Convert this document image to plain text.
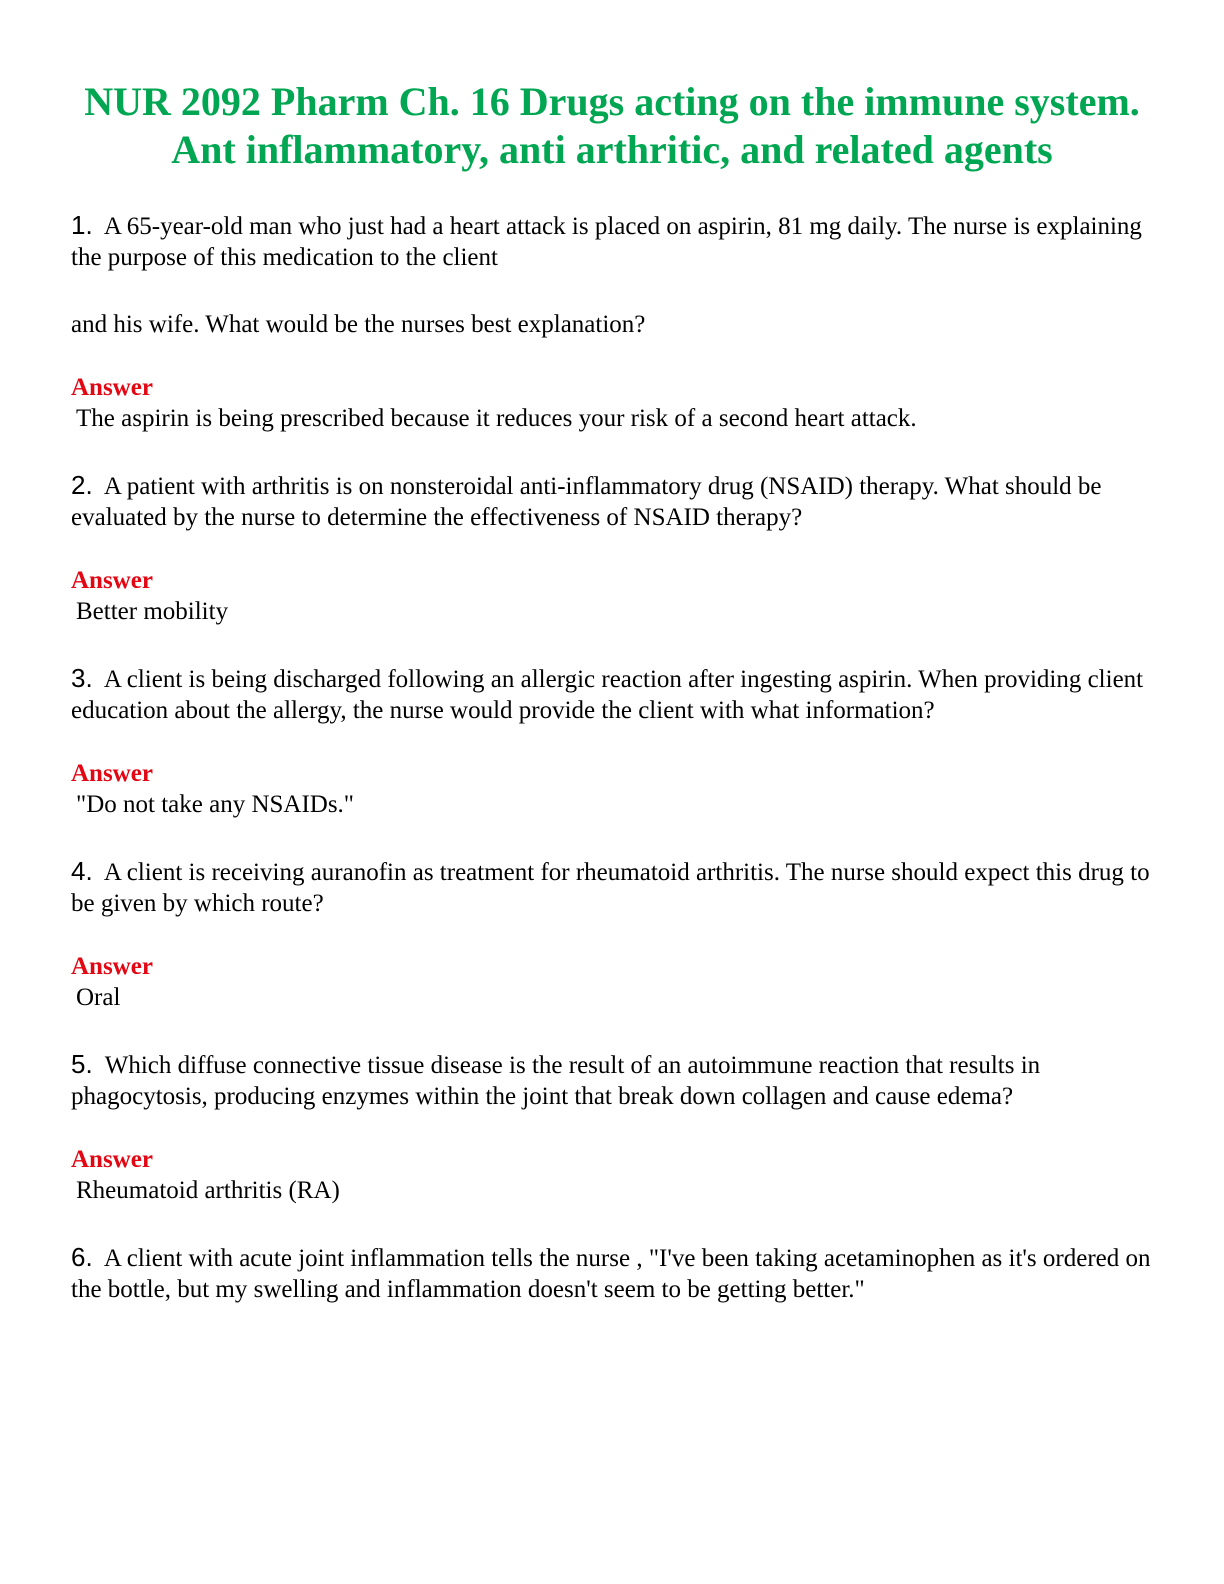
NUR 2092 Pharm Ch. 16 Drugs acting on the immune system. Ant inflammatory, anti arthritic, and related agents

1. A 65-year-old man who just had a heart attack is placed on aspirin, 81 mg daily. The nurse is explaining the purpose of this medication to the client

and his wife. What would be the nurses best explanation?

Answer

The aspirin is being prescribed because it reduces your risk of a second heart attack.

2. A patient with arthritis is on nonsteroidal anti-inflammatory drug (NSAID) therapy. What should be evaluated by the nurse to determine the effectiveness of NSAID therapy?

Answer

Better mobility

3. A client is being discharged following an allergic reaction after ingesting aspirin. When providing client education about the allergy, the nurse would provide the client with what information?

Answer

"Do not take any NSAIDs."

4. A client is receiving auranofin as treatment for rheumatoid arthritis. The nurse should expect this drug to be given by which route?

Answer

Oral

5. Which diffuse connective tissue disease is the result of an autoimmune reaction that results in phagocytosis, producing enzymes within the joint that break down collagen and cause edema?

Answer

Rheumatoid arthritis (RA)

6. A client with acute joint inflammation tells the nurse , "I've been taking acetaminophen as it's ordered on the bottle, but my swelling and inflammation doesn't seem to be getting better."
